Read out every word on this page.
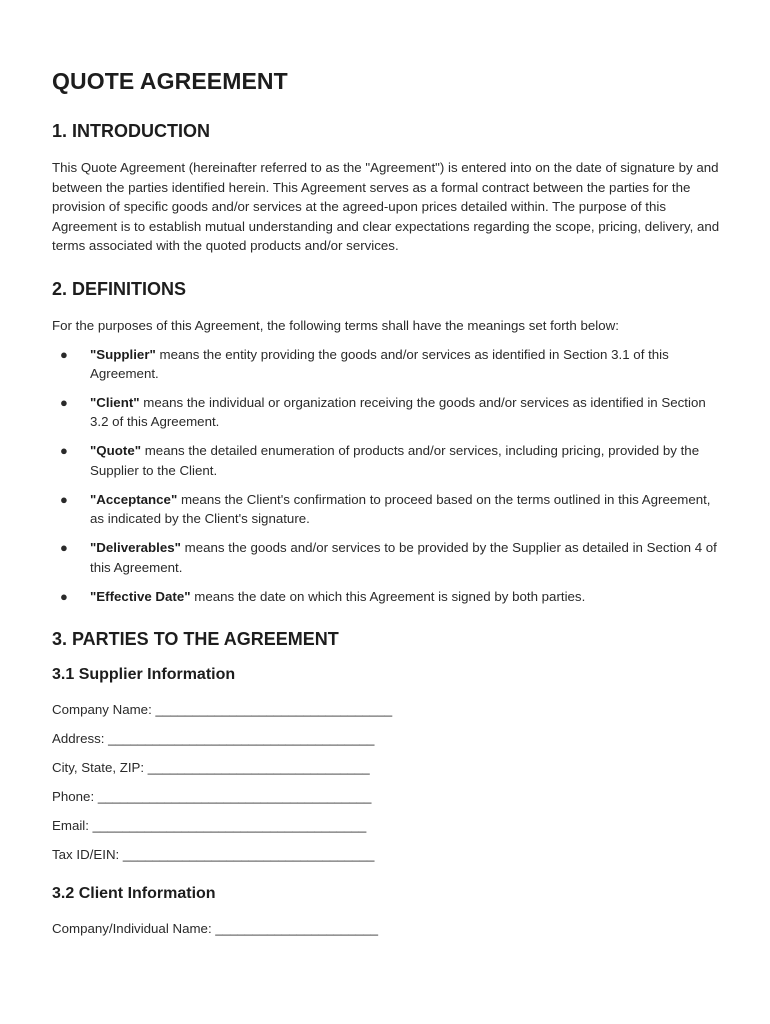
QUOTE AGREEMENT
1. INTRODUCTION

This Quote Agreement (hereinafter referred to as the "Agreement") is entered into on the date of signature by and between the parties identified herein. This Agreement serves as a formal contract between the parties for the provision of specific goods and/or services at the agreed-upon prices detailed within. The purpose of this Agreement is to establish mutual understanding and clear expectations regarding the scope, pricing, delivery, and terms associated with the quoted products and/or services.

2. DEFINITIONS

For the purposes of this Agreement, the following terms shall have the meanings set forth below:

● "Supplier" means the entity providing the goods and/or services as identified in Section 3.1 of this Agreement.
● "Client" means the individual or organization receiving the goods and/or services as identified in Section 3.2 of this Agreement.
● "Quote" means the detailed enumeration of products and/or services, including pricing, provided by the Supplier to the Client.
● "Acceptance" means the Client's confirmation to proceed based on the terms outlined in this Agreement, as indicated by the Client's signature.
● "Deliverables" means the goods and/or services to be provided by the Supplier as detailed in Section 4 of this Agreement.
● "Effective Date" means the date on which this Agreement is signed by both parties.
3. PARTIES TO THE AGREEMENT
3.1 Supplier Information
Company Name: ________________________________
Address: ____________________________________
City, State, ZIP: ______________________________
Phone: _____________________________________
Email: _____________________________________
Tax ID/EIN: __________________________________
3.2 Client Information
Company/Individual Name: ______________________
